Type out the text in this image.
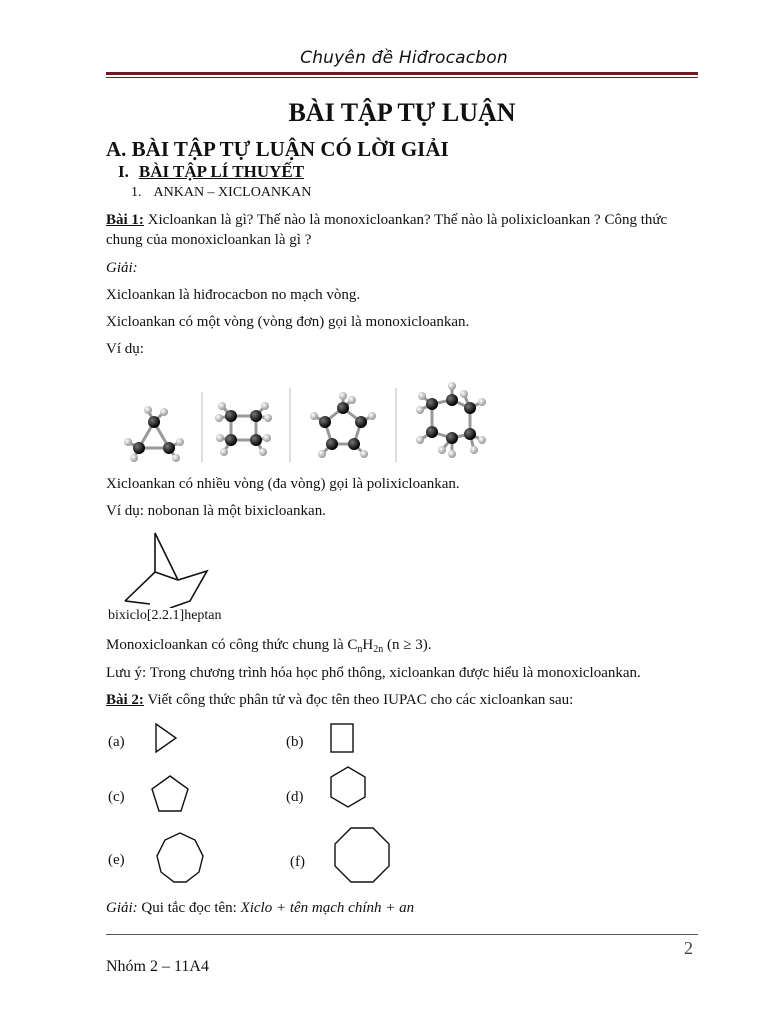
Chuyên đề Hiđrocacbon
BÀI TẬP TỰ LUẬN
A. BÀI TẬP TỰ LUẬN CÓ LỜI GIẢI
I. BÀI TẬP LÍ THUYẾT
1. ANKAN – XICLOANKAN
Bài 1: Xicloankan là gì? Thế nào là monoxicloankan? Thế nào là polixicloankan ? Công thức chung của monoxicloankan là gì ?
Giải:
Xicloankan là hiđrocacbon no mạch vòng.
Xicloankan có một vòng (vòng đơn) gọi là monoxicloankan.
Ví dụ:
Xicloankan có nhiều vòng (đa vòng) gọi là polixicloankan.
Ví dụ: nobonan là một bixicloankan.
bixiclo[2.2.1]heptan
Monoxicloankan có công thức chung là $C_nH_{2n}$ (n ≥ 3).
Lưu ý: Trong chương trình hóa học phổ thông, xicloankan được hiểu là monoxicloankan.
Bài 2: Viết công thức phân tử và đọc tên theo IUPAC cho các xicloankan sau:
(a)	(b)
(c)	(d)
(e)	(f)
Giải: Qui tắc đọc tên: Xiclo + tên mạch chính + an
2
Nhóm 2 – 11A4
